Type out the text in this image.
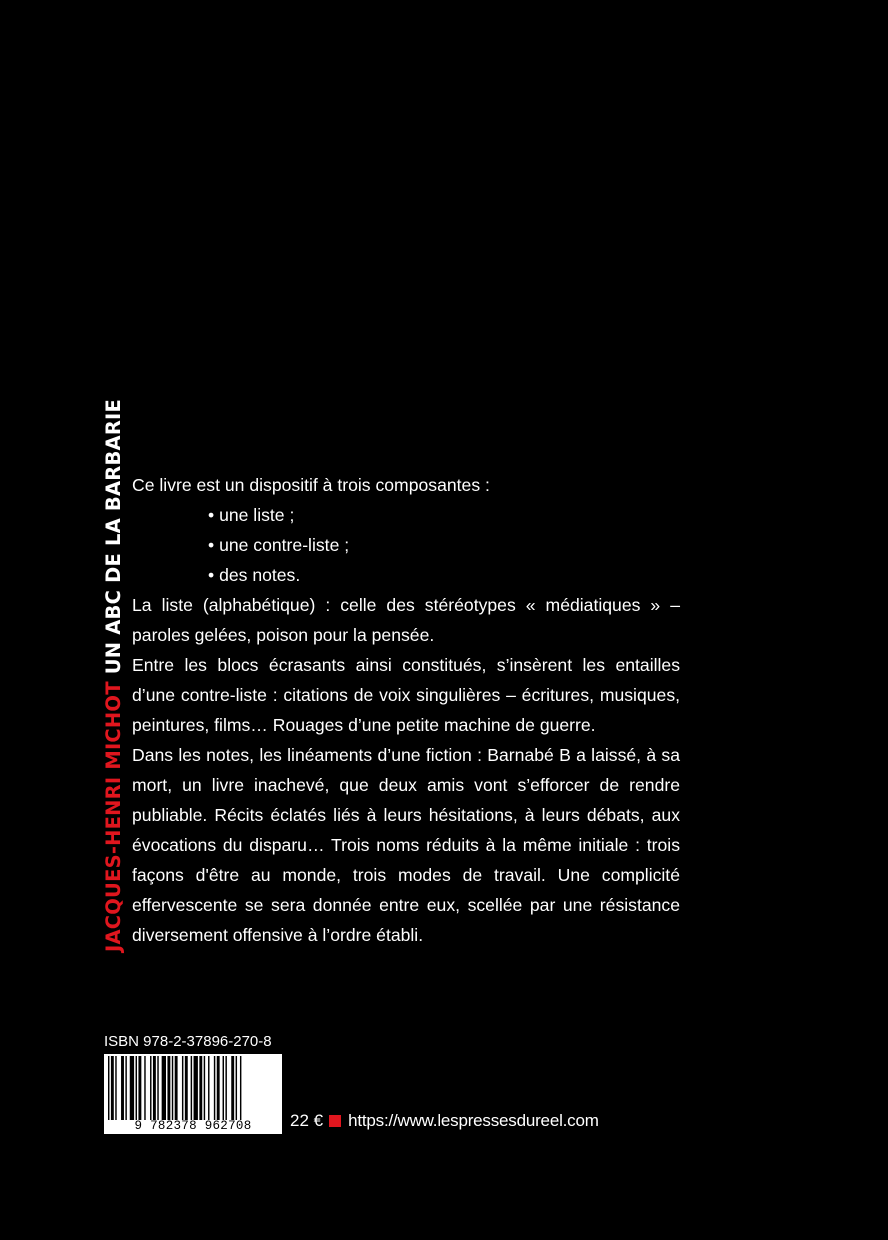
JACQUES-HENRI MICHOT UN ABC DE LA BARBARIE Ce livre est un dispositif à trois composantes :

• une liste ;
• une contre-liste ;
• des notes.

La liste (alphabétique) : celle des stéréotypes « médiatiques » – paroles gelées, poison pour la pensée.

Entre les blocs écrasants ainsi constitués, s’insèrent les entailles d’une contre-liste : citations de voix singulières – écritures, musiques, peintures, films… Rouages d’une petite machine de guerre.

Dans les notes, les linéaments d’une fiction : Barnabé B a laissé, à sa mort, un livre inachevé, que deux amis vont s’efforcer de rendre publiable. Récits éclatés liés à leurs hésitations, à leurs débats, aux évocations du disparu… Trois noms réduits à la même initiale : trois façons d'être au monde, trois modes de travail. Une complicité effervescente se sera donnée entre eux, scellée par une résistance diversement offensive à l’ordre établi.

ISBN 978-2-37896-270-8
9 782378 962708	22 € https://www.lespressesdureel.com
